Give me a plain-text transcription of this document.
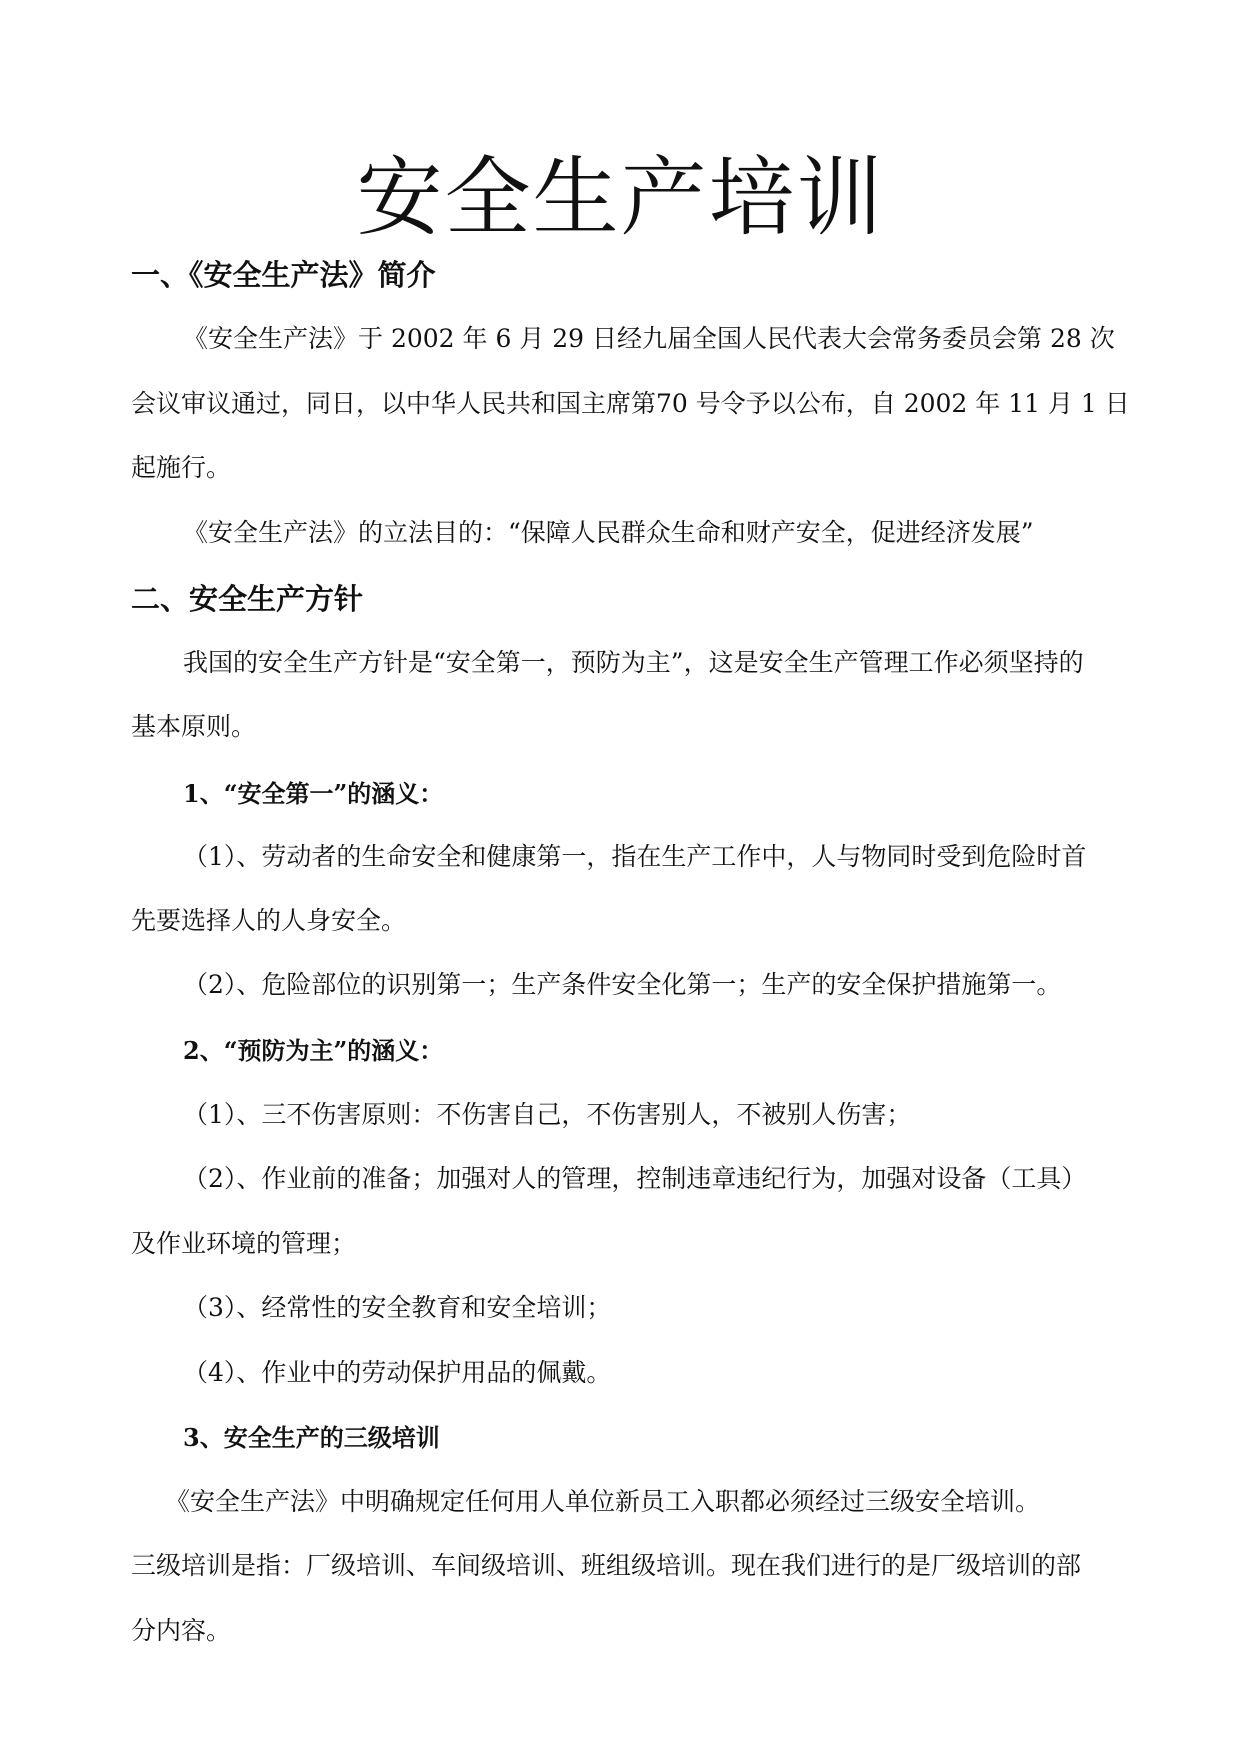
安全生产培训
一、《安全生产法》简介
《安全生产法》于 2002 年 6 月 29 日经九届全国人民代表大会常务委员会第 28 次
会议审议通过，同日，以中华人民共和国主席第70 号令予以公布，自 2002 年 11 月 1 日
起施行。
《安全生产法》的立法目的：“保障人民群众生命和财产安全，促进经济发展”
二、安全生产方针
我国的安全生产方针是“安全第一，预防为主”，这是安全生产管理工作必须坚持的
基本原则。
1、“安全第一”的涵义：
（1）、劳动者的生命安全和健康第一，指在生产工作中，人与物同时受到危险时首
先要选择人的人身安全。
（2）、危险部位的识别第一；生产条件安全化第一；生产的安全保护措施第一。
2、“预防为主”的涵义：
（1）、三不伤害原则：不伤害自己，不伤害别人，不被别人伤害；
（2）、作业前的准备；加强对人的管理，控制违章违纪行为，加强对设备（工具）
及作业环境的管理；
（3）、经常性的安全教育和安全培训；
（4）、作业中的劳动保护用品的佩戴。
3、安全生产的三级培训
《安全生产法》中明确规定任何用人单位新员工入职都必须经过三级安全培训。
三级培训是指：厂级培训、车间级培训、班组级培训。现在我们进行的是厂级培训的部
分内容。
